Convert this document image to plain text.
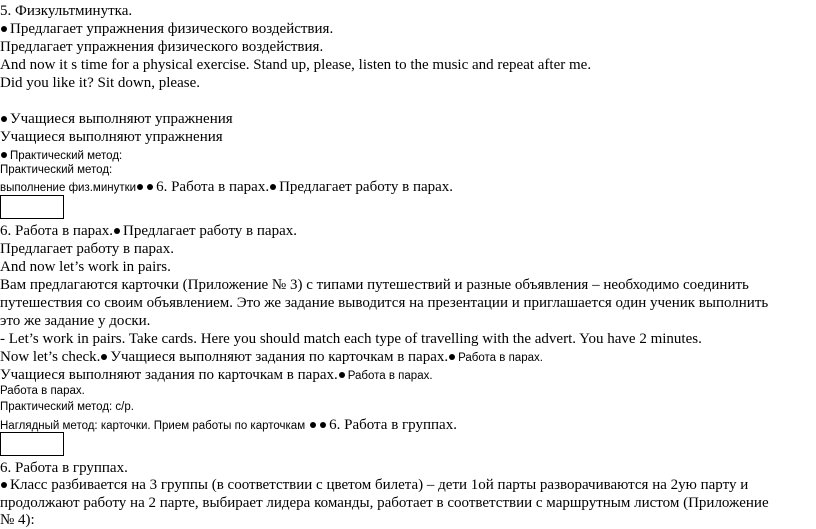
5. Физкультминутка.
Предлагает упражнения физического воздействия.
Предлагает упражнения физического воздействия.
And now it s time for a physical exercise. Stand up, please, listen to the music and repeat after me.
Did you like it? Sit down, please.
Учащиеся выполняют упражнения
Учащиеся выполняют упражнения
Практический метод:
Практический метод:
выполнение физ.минутки 6. Работа в парах. Предлагает работу в парах.
6. Работа в парах. Предлагает работу в парах.
Предлагает работу в парах.
And now let’s work in pairs.
Вам предлагаются карточки (Приложение № 3) с типами путешествий и разные объявления – необходимо соединить
путешествия со своим объявлением. Это же задание выводится на презентации и приглашается один ученик выполнить
это же задание у доски.
- Let’s work in pairs. Take cards. Here you should match each type of travelling with the advert. You have 2 minutes.
Now let’s check. Учащиеся выполняют задания по карточкам в парах. Работа в парах.
Учащиеся выполняют задания по карточкам в парах. Работа в парах.
Работа в парах.
Практический метод: с/р.
Наглядный метод: карточки. Прием работы по карточкам 6. Работа в группах.
6. Работа в группах.
Класс разбивается на 3 группы (в соответствии с цветом билета) – дети 1ой парты разворачиваются на 2ую парту и
продолжают работу на 2 парте, выбирает лидера команды, работает в соответствии с маршрутным листом (Приложение
№ 4):
